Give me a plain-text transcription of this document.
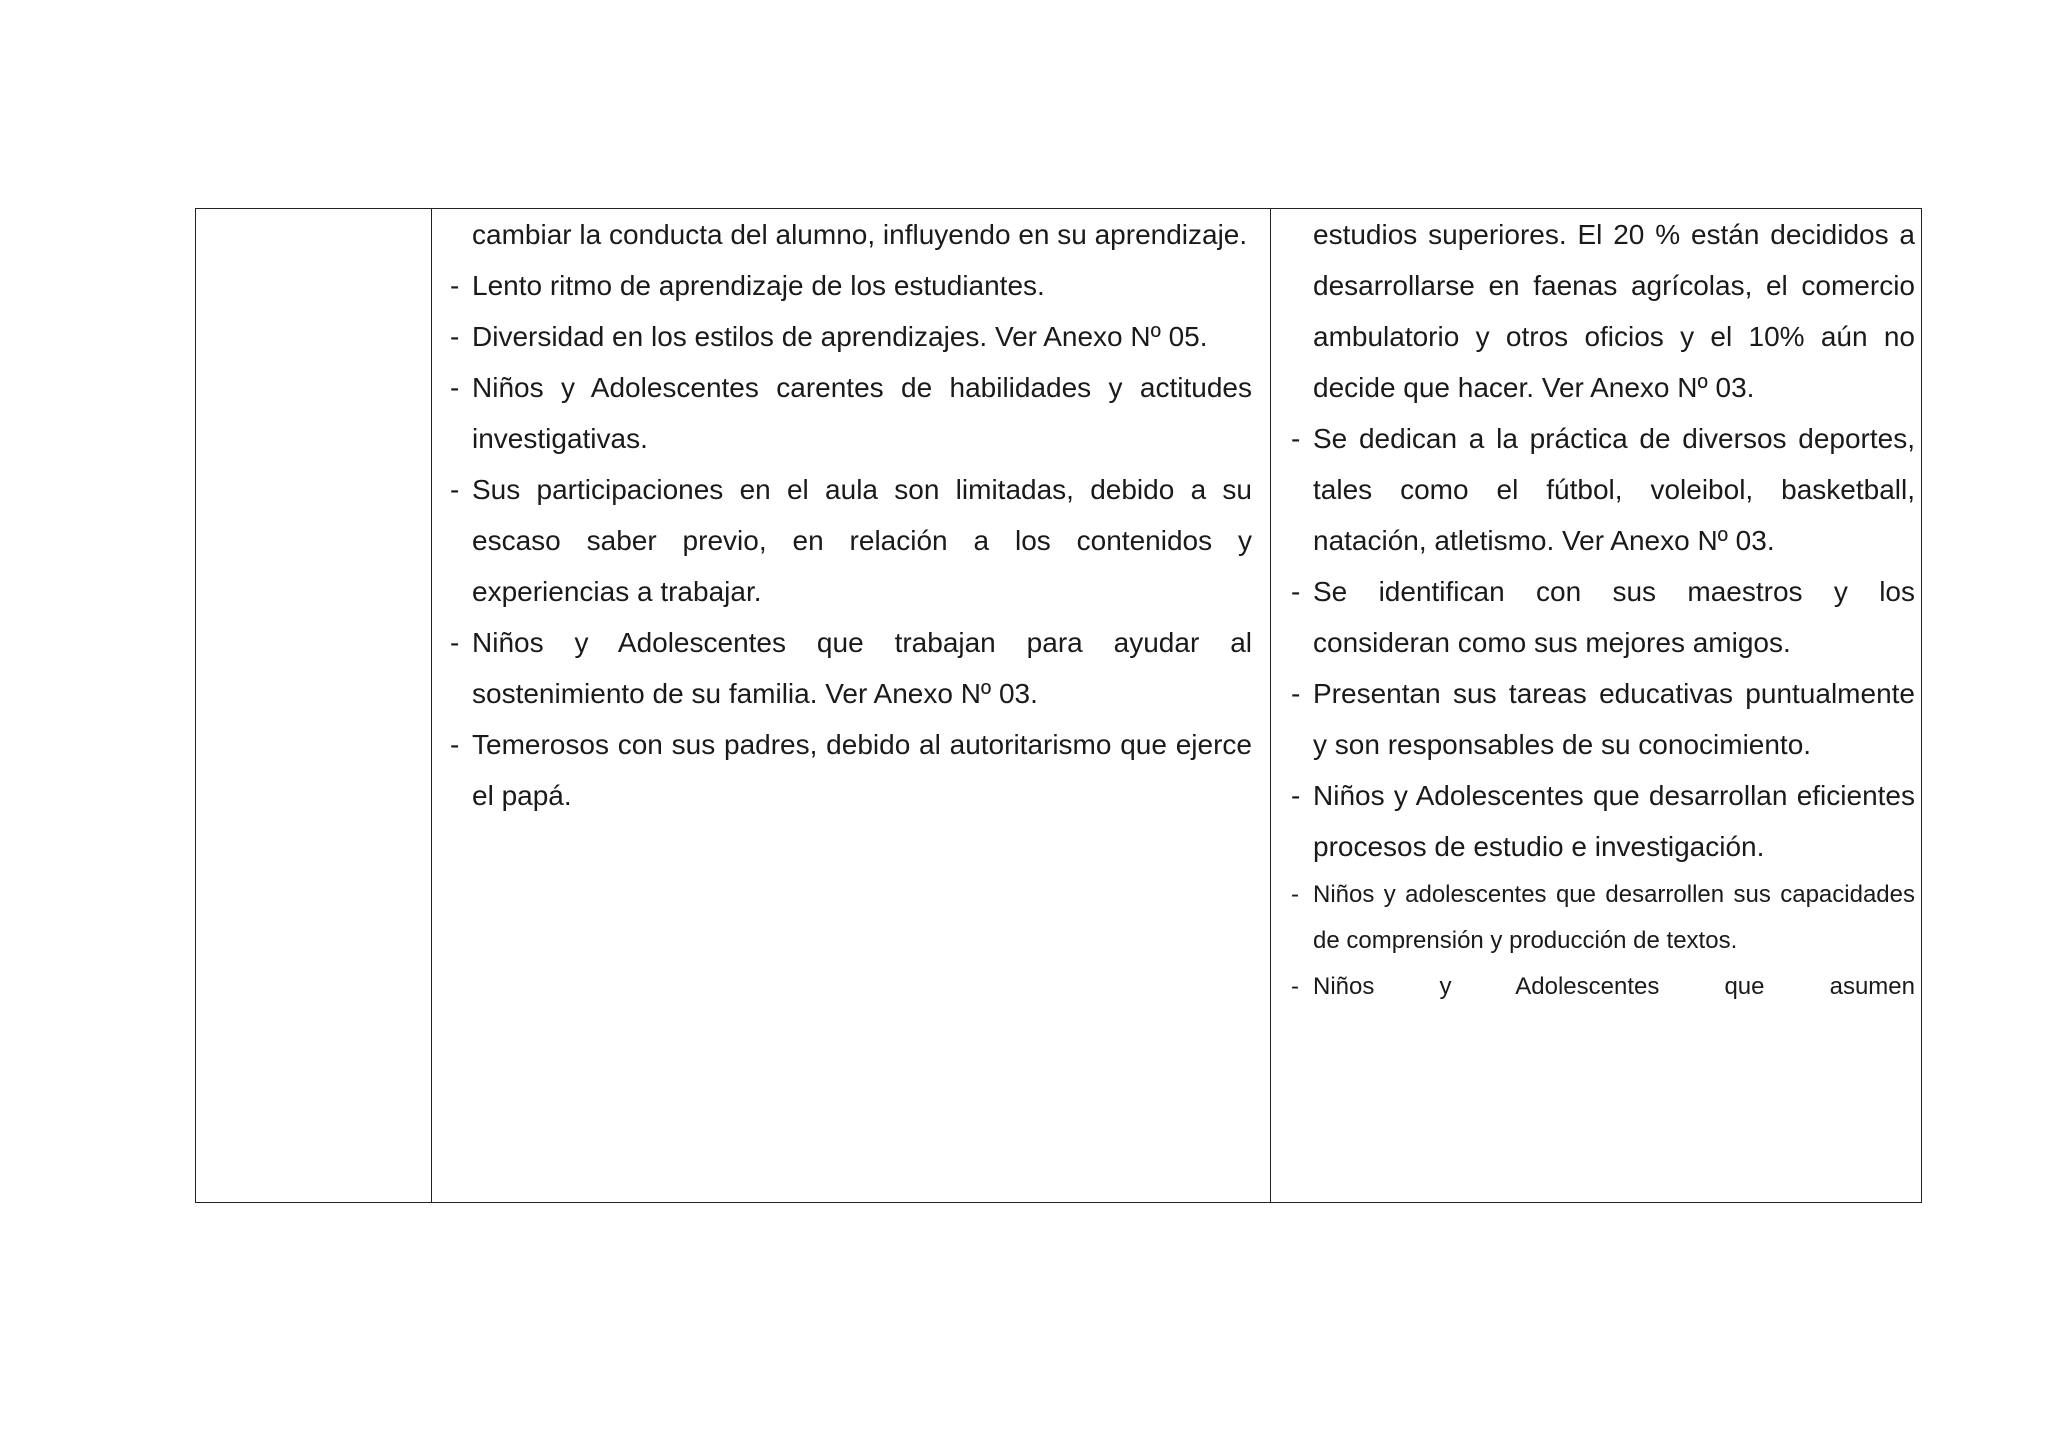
cambiar la conducta del alumno, influyendo en su aprendizaje.
- Lento ritmo de aprendizaje de los estudiantes.
- Diversidad en los estilos de aprendizajes. Ver Anexo Nº 05.
- Niños y Adolescentes carentes de habilidades y actitudes investigativas.
- Sus participaciones en el aula son limitadas, debido a su escaso saber previo, en relación a los contenidos y experiencias a trabajar.
- Niños y Adolescentes que trabajan para ayudar al sostenimiento de su familia. Ver Anexo Nº 03.
- Temerosos con sus padres, debido al autoritarismo que ejerce el papá.
estudios superiores. El 20 % están decididos a desarrollarse en faenas agrícolas, el comercio ambulatorio y otros oficios y el 10% aún no decide que hacer. Ver Anexo Nº 03.
- Se dedican a la práctica de diversos deportes, tales como el fútbol, voleibol, basketball, natación, atletismo. Ver Anexo Nº 03.
- Se identifican con sus maestros y los consideran como sus mejores amigos.
- Presentan sus tareas educativas puntualmente y son responsables de su conocimiento.
- Niños y Adolescentes que desarrollan eficientes procesos de estudio e investigación.
- Niños y adolescentes que desarrollen sus capacidades de comprensión y producción de textos.
- Niños y Adolescentes que asumen
